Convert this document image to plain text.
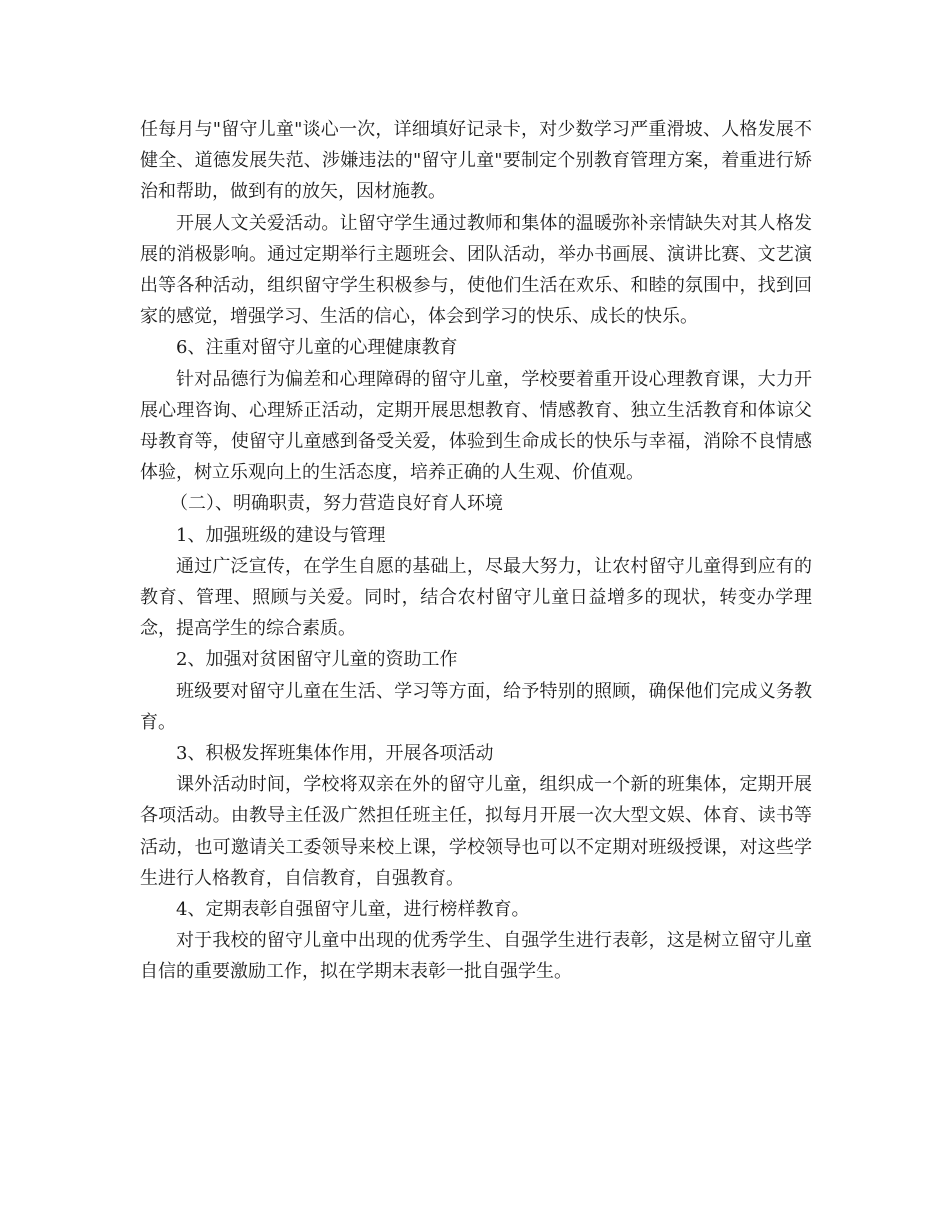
任每月与"留守儿童"谈心一次，详细填好记录卡，对少数学习严重滑坡、人格发展不健全、道德发展失范、涉嫌违法的"留守儿童"要制定个别教育管理方案，着重进行矫治和帮助，做到有的放矢，因材施教。

开展人文关爱活动。让留守学生通过教师和集体的温暖弥补亲情缺失对其人格发展的消极影响。通过定期举行主题班会、团队活动，举办书画展、演讲比赛、文艺演出等各种活动，组织留守学生积极参与，使他们生活在欢乐、和睦的氛围中，找到回家的感觉，增强学习、生活的信心，体会到学习的快乐、成长的快乐。

6、注重对留守儿童的心理健康教育

针对品德行为偏差和心理障碍的留守儿童，学校要着重开设心理教育课，大力开展心理咨询、心理矫正活动，定期开展思想教育、情感教育、独立生活教育和体谅父母教育等，使留守儿童感到备受关爱，体验到生命成长的快乐与幸福，消除不良情感体验，树立乐观向上的生活态度，培养正确的人生观、价值观。

（二）、明确职责，努力营造良好育人环境

1、加强班级的建设与管理

通过广泛宣传，在学生自愿的基础上，尽最大努力，让农村留守儿童得到应有的教育、管理、照顾与关爱。同时，结合农村留守儿童日益增多的现状，转变办学理念，提高学生的综合素质。

2、加强对贫困留守儿童的资助工作

班级要对留守儿童在生活、学习等方面，给予特别的照顾，确保他们完成义务教育。

3、积极发挥班集体作用，开展各项活动

课外活动时间，学校将双亲在外的留守儿童，组织成一个新的班集体，定期开展各项活动。由教导主任汲广然担任班主任，拟每月开展一次大型文娱、体育、读书等活动，也可邀请关工委领导来校上课，学校领导也可以不定期对班级授课，对这些学生进行人格教育，自信教育，自强教育。

4、定期表彰自强留守儿童，进行榜样教育。

对于我校的留守儿童中出现的优秀学生、自强学生进行表彰，这是树立留守儿童自信的重要激励工作，拟在学期末表彰一批自强学生。
